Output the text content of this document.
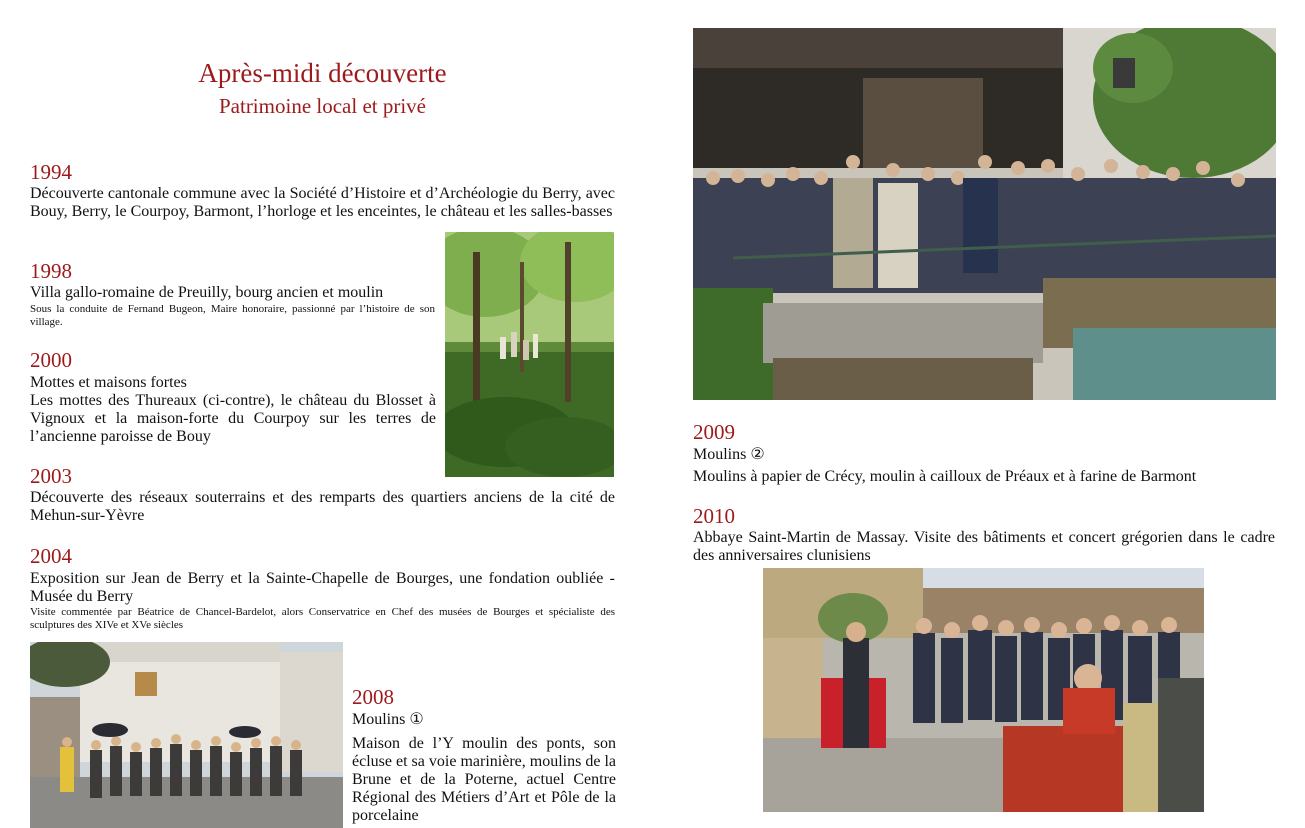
Après-midi découverte
Patrimoine local et privé
1994
Découverte cantonale commune avec la Société d’Histoire et d’Archéologie du Berry, avec Bouy, Berry, le Courpoy, Barmont, l’horloge et les enceintes, le château et les salles-basses
1998
Villa gallo-romaine de Preuilly, bourg ancien et moulin
Sous la conduite de Fernand Bugeon, Maire honoraire, passionné par l’histoire de son village.
2000
Mottes et maisons fortes
Les mottes des Thureaux (ci-contre), le château du Blosset à Vignoux et la maison-forte du Courpoy sur les terres de l’ancienne paroisse de Bouy
2003
Découverte des réseaux souterrains et des remparts des quartiers anciens de la cité de Mehun-sur-Yèvre
2004
Exposition sur Jean de Berry et la Sainte-Chapelle de Bourges, une fondation oubliée - Musée du Berry
Visite commentée par Béatrice de Chancel-Bardelot, alors Conservatrice en Chef des musées de Bourges et spécialiste des sculptures des XIVe et XVe siècles
2008
Moulins ①
Maison de l’Y moulin des ponts, son écluse et sa voie marinière, moulins de la Brune et de la Poterne, actuel Centre Régional des Métiers d’Art et Pôle de la porcelaine
2009
Moulins ②
Moulins à papier de Crécy, moulin à cailloux de Préaux et à farine de Barmont
2010
Abbaye Saint-Martin de Massay. Visite des bâtiments et concert grégorien dans le cadre des anniversaires clunisiens
